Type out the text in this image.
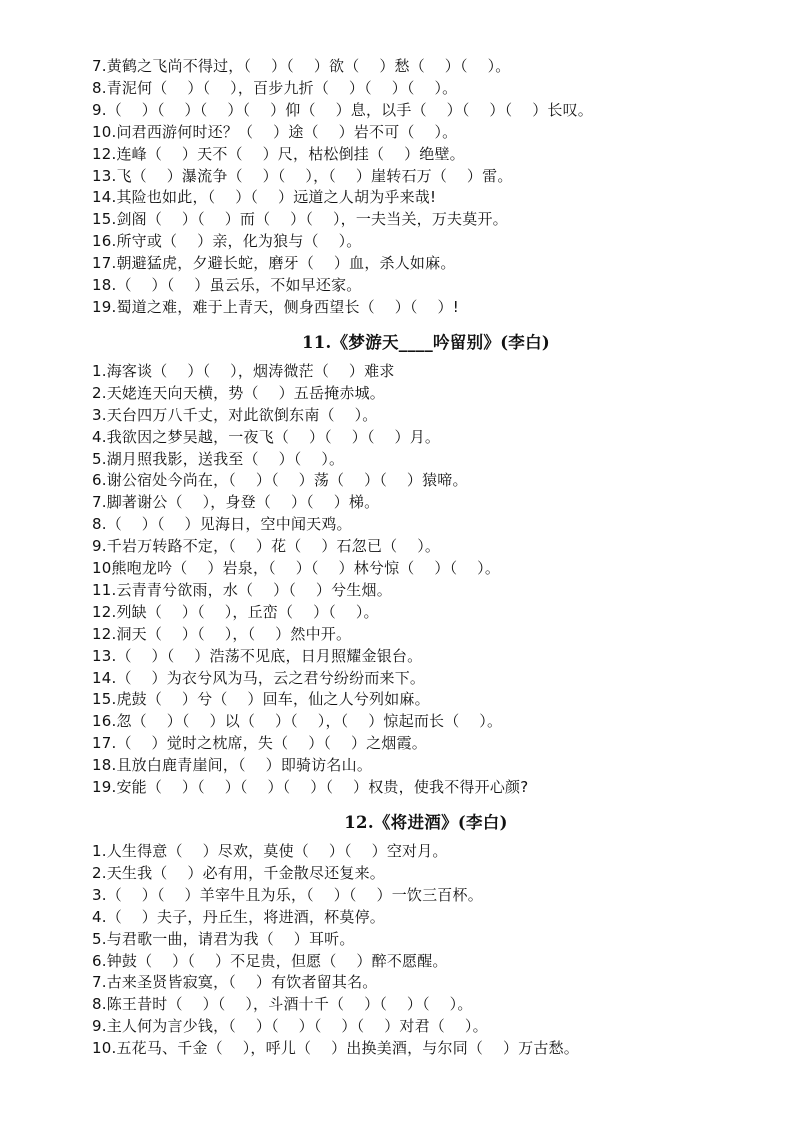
7.黄鹤之飞尚不得过，（    ）（    ）欲（    ）愁（    ）（    ）。
8.青泥何（    ）（    ），百步九折（    ）（    ）（    ）。
9.（    ）（    ）（    ）（    ）仰（    ）息，以手（    ）（    ）（    ）长叹。
10.问君西游何时还？（    ）途（    ）岩不可（    ）。
12.连峰（    ）天不（    ）尺，枯松倒挂（    ）绝壁。
13.飞（    ）瀑流争（    ）（    ），（    ）崖转石万（    ）雷。
14.其险也如此，（    ）（    ）远道之人胡为乎来哉!
15.剑阁（    ）（    ）而（    ）（    ），一夫当关，万夫莫开。
16.所守或（    ）亲，化为狼与（    ）。
17.朝避猛虎，夕避长蛇，磨牙（    ）血，杀人如麻。
18.（    ）（    ）虽云乐，不如早还家。
19.蜀道之难，难于上青天，侧身西望长（    ）（    ）!
11.《梦游天____吟留别》(李白)
1.海客谈（    ）（    ），烟涛微茫（    ）难求
2.天姥连天向天横，势（    ）五岳掩赤城。
3.天台四万八千丈，对此欲倒东南（    ）。
4.我欲因之梦吴越，一夜飞（    ）（    ）（    ）月。
5.湖月照我影，送我至（    ）（    ）。
6.谢公宿处今尚在，（    ）（    ）荡（    ）（    ）猿啼。
7.脚著谢公（    ），身登（    ）（    ）梯。
8.（    ）（    ）见海日，空中闻天鸡。
9.千岩万转路不定，（    ）花（    ）石忽已（    ）。
10熊咆龙吟（    ）岩泉，（    ）（    ）林兮惊（    ）（    ）。
11.云青青兮欲雨，水（    ）（    ）兮生烟。
12.列缺（    ）（    ），丘峦（    ）（    ）。
12.洞天（    ）（    ），（    ）然中开。
13.（    ）（    ）浩荡不见底，日月照耀金银台。
14.（    ）为衣兮风为马，云之君兮纷纷而来下。
15.虎鼓（    ）兮（    ）回车，仙之人兮列如麻。
16.忽（    ）（    ）以（    ）（    ），（    ）惊起而长（    ）。
17.（    ）觉时之枕席，失（    ）（    ）之烟霞。
18.且放白鹿青崖间，（    ）即骑访名山。
19.安能（    ）（    ）（    ）（    ）（    ）权贵，使我不得开心颜?
12.《将进酒》(李白)
1.人生得意（    ）尽欢，莫使（    ）（    ）空对月。
2.天生我（    ）必有用，千金散尽还复来。
3.（    ）（    ）羊宰牛且为乐，（    ）（    ）一饮三百杯。
4.（    ）夫子，丹丘生，将进酒，杯莫停。
5.与君歌一曲，请君为我（    ）耳听。
6.钟鼓（    ）（    ）不足贵，但愿（    ）醉不愿醒。
7.古来圣贤皆寂寞，（    ）有饮者留其名。
8.陈王昔时（    ）（    ），斗酒十千（    ）（    ）（    ）。
9.主人何为言少钱，（    ）（    ）（    ）（    ）对君（    ）。
10.五花马、千金（    ），呼儿（    ）出换美酒，与尔同（    ）万古愁。
